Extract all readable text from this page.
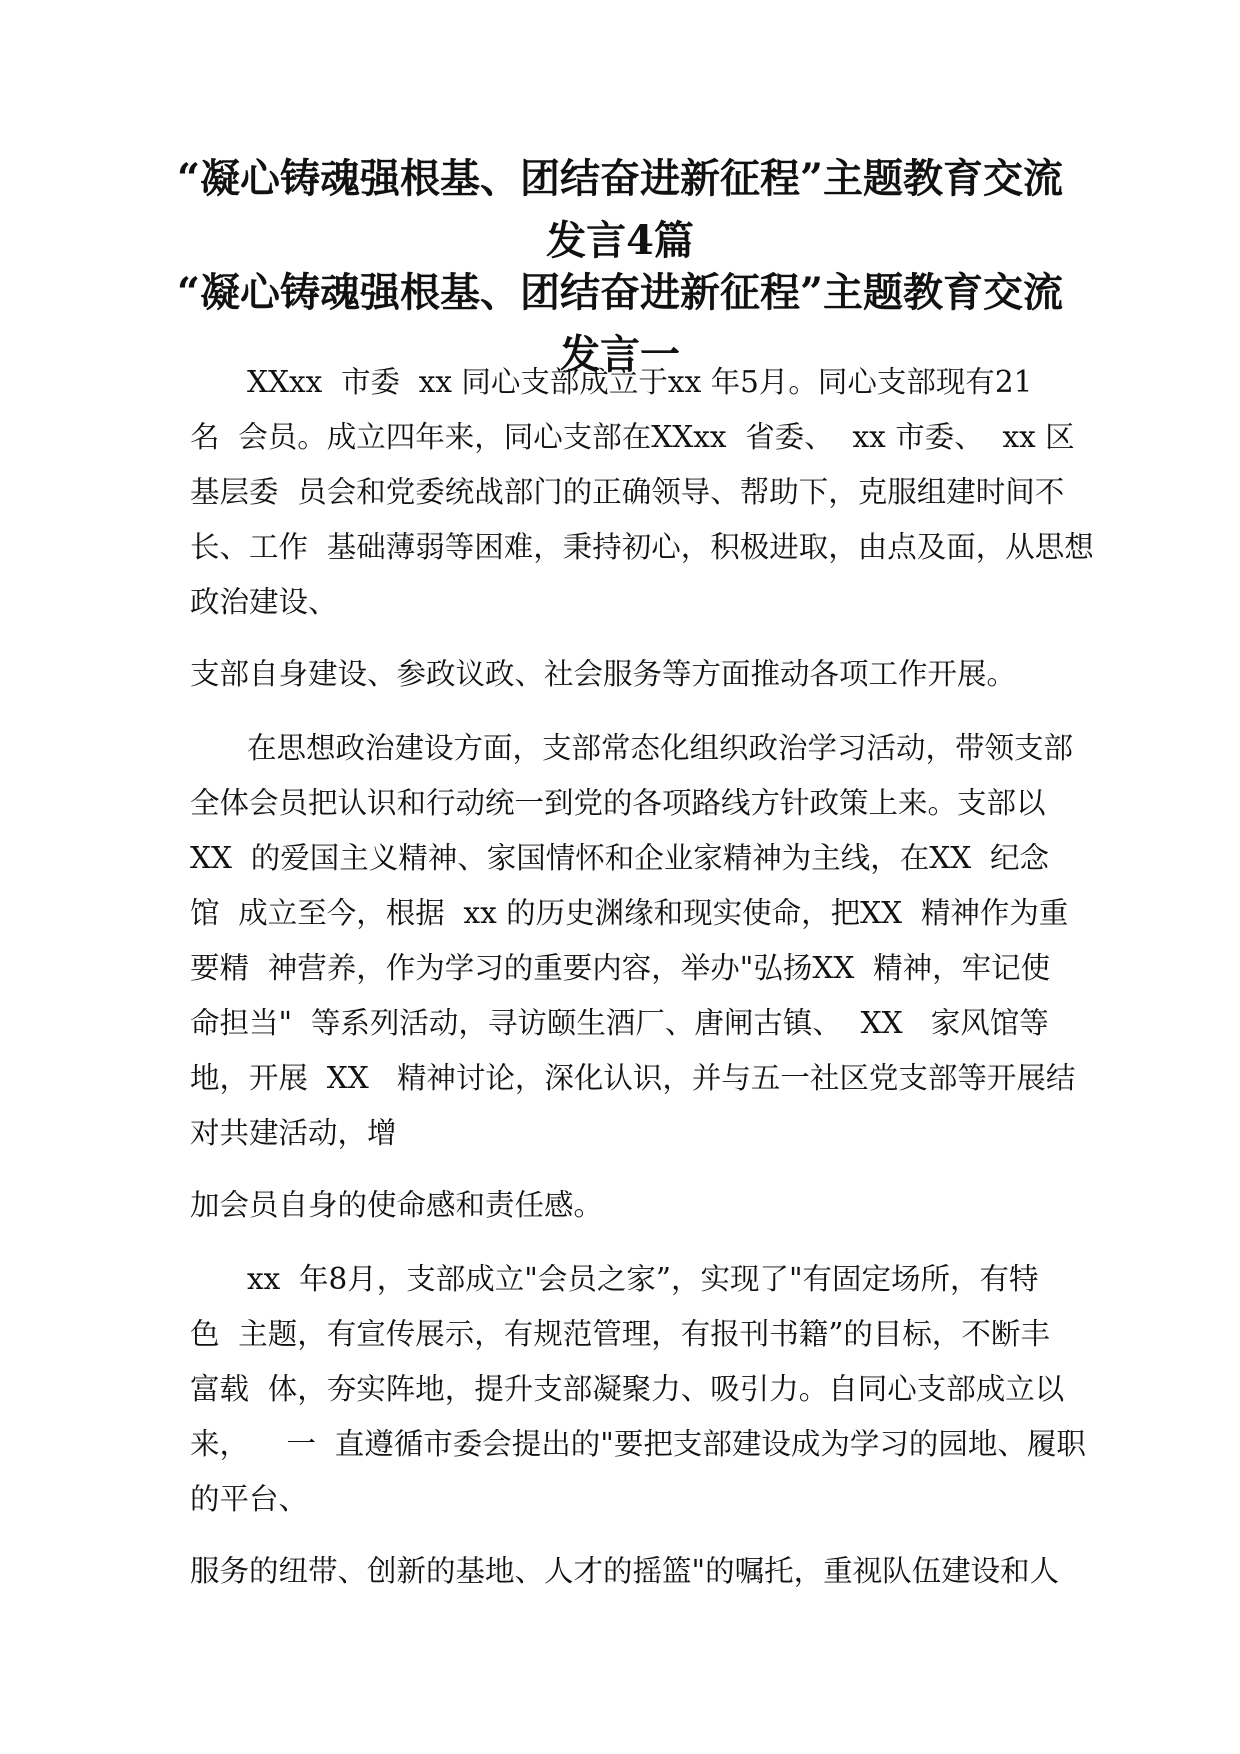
“凝心铸魂强根基、团结奋进新征程”主题教育交流发言4篇
“凝心铸魂强根基、团结奋进新征程”主题教育交流发言一
XXxx  市委  xx 同心支部成立于xx 年5月。同心支部现有21
名  会员。成立四年来，同心支部在XXxx  省委、  xx 市委、  xx 区
基层委  员会和党委统战部门的正确领导、帮助下，克服组建时间不
长、工作  基础薄弱等困难，秉持初心，积极进取，由点及面，从思想
政治建设、
支部自身建设、参政议政、社会服务等方面推动各项工作开展。
在思想政治建设方面，支部常态化组织政治学习活动，带领支部
全体会员把认识和行动统一到党的各项路线方针政策上来。支部以
XX  的爱国主义精神、家国情怀和企业家精神为主线，在XX  纪念
馆  成立至今，根据  xx 的历史渊缘和现实使命，把XX  精神作为重
要精  神营养，作为学习的重要内容，举办"弘扬XX  精神，牢记使
命担当"  等系列活动，寻访颐生酒厂、唐闸古镇、  XX   家风馆等
地，开展  XX   精神讨论，深化认识，并与五一社区党支部等开展结
对共建活动，增
加会员自身的使命感和责任感。
xx  年8月，支部成立"会员之家”，实现了"有固定场所，有特
色  主题，有宣传展示，有规范管理，有报刊书籍”的目标，不断丰
富载  体，夯实阵地，提升支部凝聚力、吸引力。自同心支部成立以
来，    一  直遵循市委会提出的"要把支部建设成为学习的园地、履职
的平台、
服务的纽带、创新的基地、人才的摇篮"的嘱托，重视队伍建设和人
